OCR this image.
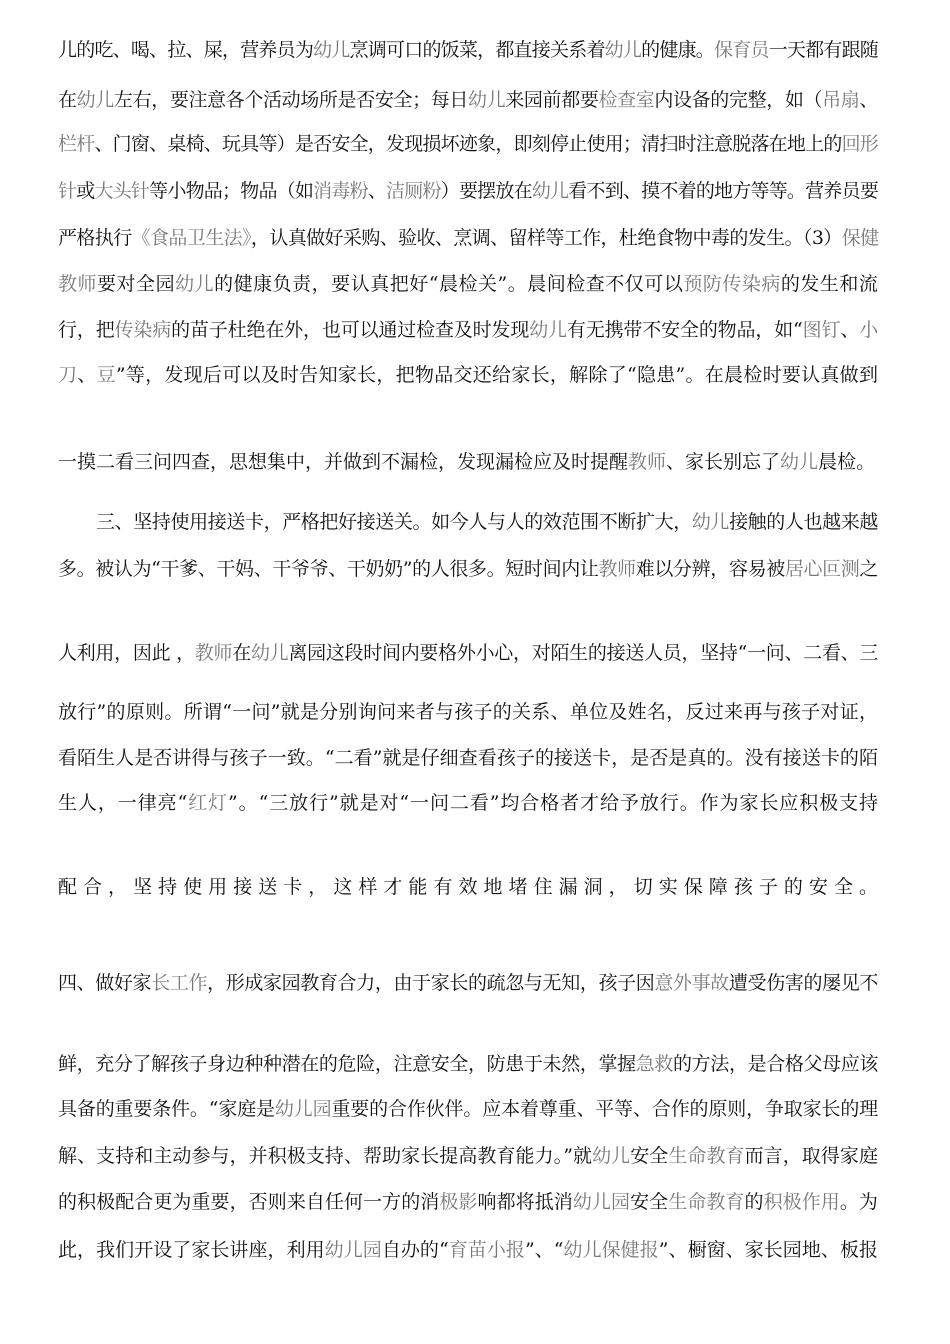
儿的吃、喝、拉、屎，营养员为幼儿烹调可口的饭菜，都直接关系着幼儿的健康。保育员一天都有跟随
在幼儿左右，要注意各个活动场所是否安全；每日幼儿来园前都要检查室内设备的完整，如（吊扇、
栏杆、门窗、桌椅、玩具等）是否安全，发现损坏迹象，即刻停止使用；清扫时注意脱落在地上的回形
针或大头针等小物品；物品（如消毒粉、洁厕粉）要摆放在幼儿看不到、摸不着的地方等等。营养员要
严格执行《食品卫生法》，认真做好采购、验收、烹调、留样等工作，杜绝食物中毒的发生。（3）保健
教师要对全园幼儿的健康负责，要认真把好“晨检关”。晨间检查不仅可以预防传染病的发生和流
行，把传染病的苗子杜绝在外，也可以通过检查及时发现幼儿有无携带不安全的物品，如“图钉、小
刀、豆”等，发现后可以及时告知家长，把物品交还给家长，解除了“隐患”。在晨检时要认真做到
一摸二看三问四查，思想集中，并做到不漏检，发现漏检应及时提醒教师、家长别忘了幼儿晨检。
三、坚持使用接送卡，严格把好接送关。如今人与人的效范围不断扩大，幼儿接触的人也越来越
多。被认为“干爹、干妈、干爷爷、干奶奶”的人很多。短时间内让教师难以分辨，容易被居心叵测之
人利用，因此 ，教师在幼儿离园这段时间内要格外小心，对陌生的接送人员，坚持“一问、二看、三
放行”的原则。所谓“一问”就是分别询问来者与孩子的关系、单位及姓名，反过来再与孩子对证，
看陌生人是否讲得与孩子一致。“二看”就是仔细查看孩子的接送卡，是否是真的。没有接送卡的陌
生人，一律亮“红灯”。“三放行”就是对“一问二看”均合格者才给予放行。作为家长应积极支持
配合，坚持使用接送卡，这样才能有效地堵住漏洞，切实保障孩子的安全。
四、做好家长工作，形成家园教育合力，由于家长的疏忽与无知，孩子因意外事故遭受伤害的屡见不
鲜，充分了解孩子身边种种潜在的危险，注意安全，防患于未然，掌握急救的方法，是合格父母应该
具备的重要条件。“家庭是幼儿园重要的合作伙伴。应本着尊重、平等、合作的原则，争取家长的理
解、支持和主动参与，并积极支持、帮助家长提高教育能力。”就幼儿安全生命教育而言，取得家庭
的积极配合更为重要，否则来自任何一方的消极影响都将抵消幼儿园安全生命教育的积极作用。为
此，我们开设了家长讲座，利用幼儿园自办的“育苗小报”、“幼儿保健报”、橱窗、家长园地、板报
